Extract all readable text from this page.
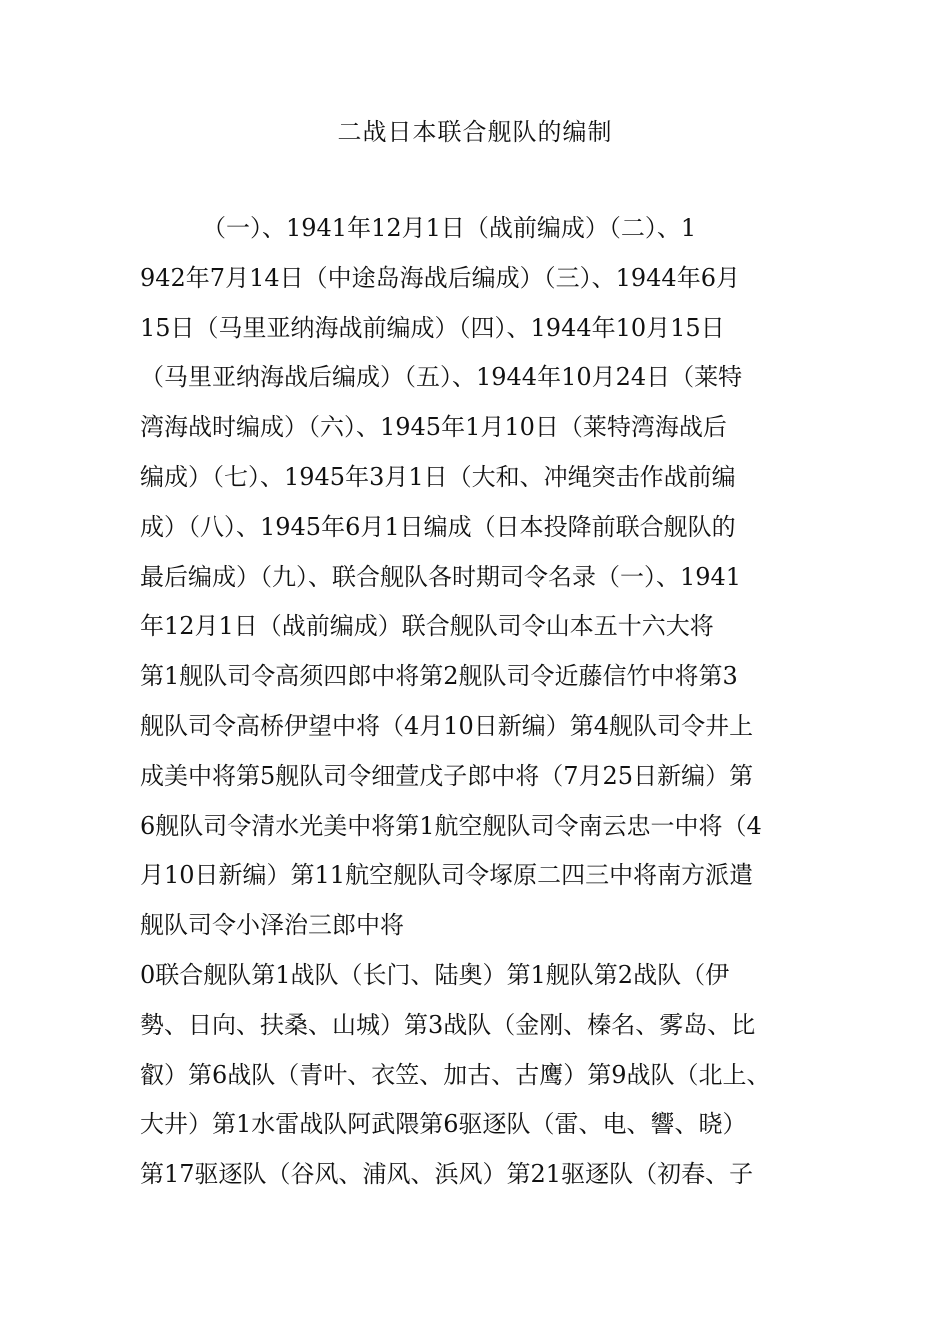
二战日本联合舰队的编制
（一）、1941年12月1日（战前编成）（二）、1
942年7月14日（中途岛海战后编成）（三）、1944年6月
15日（马里亚纳海战前编成）（四）、1944年10月15日
（马里亚纳海战后编成）（五）、1944年10月24日（莱特
湾海战时编成）（六）、1945年1月10日（莱特湾海战后
编成）（七）、1945年3月1日（大和、冲绳突击作战前编
成）（八）、1945年6月1日编成（日本投降前联合舰队的
最后编成）（九）、联合舰队各时期司令名录（一）、1941
年12月1日（战前编成）联合舰队司令山本五十六大将
第1舰队司令高须四郎中将第2舰队司令近藤信竹中将第3
舰队司令高桥伊望中将（4月10日新编）第4舰队司令井上
成美中将第5舰队司令细萱戊子郎中将（7月25日新编）第
6舰队司令清水光美中将第1航空舰队司令南云忠一中将（4
月10日新编）第11航空舰队司令塚原二四三中将南方派遣
舰队司令小泽治三郎中将
0联合舰队第1战队（长门、陆奥）第1舰队第2战队（伊
勢、日向、扶桑、山城）第3战队（金刚、榛名、雾岛、比
叡）第6战队（青叶、衣笠、加古、古鹰）第9战队（北上、
大井）第1水雷战队阿武隈第6驱逐队（雷、电、響、晓）
第17驱逐队（谷风、浦风、浜风）第21驱逐队（初春、子
